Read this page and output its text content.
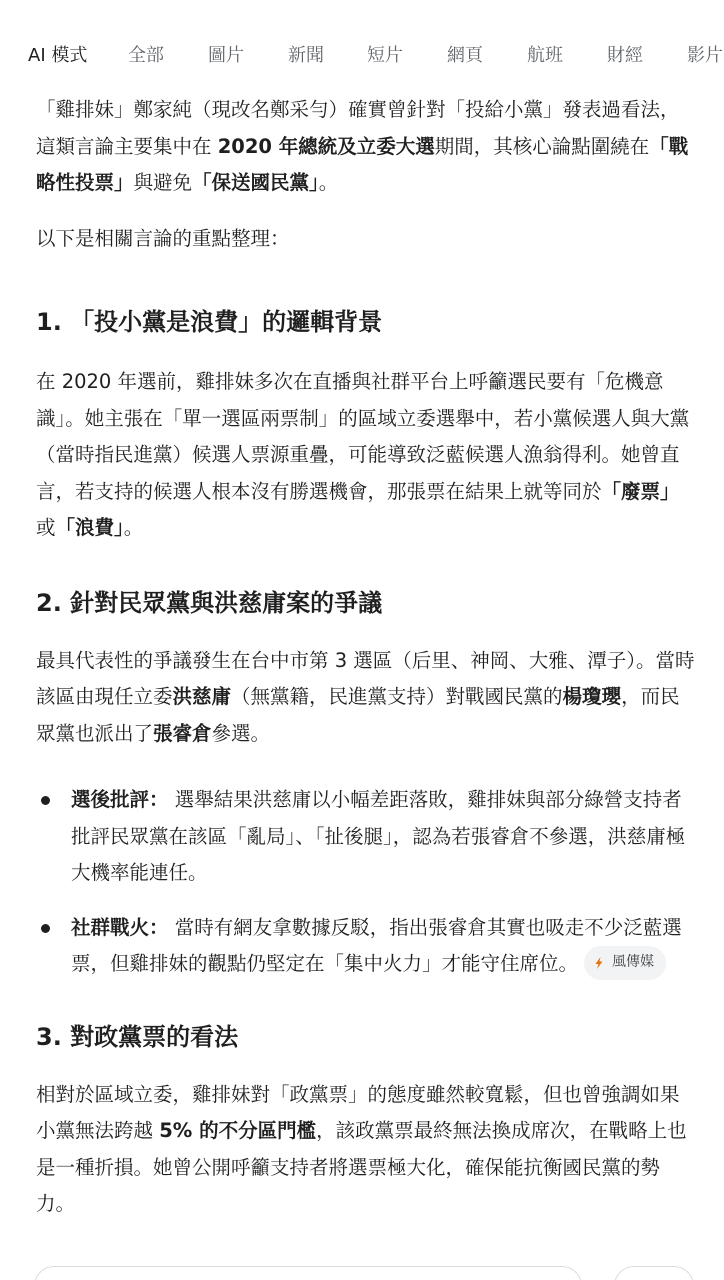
AI 模式 全部 圖片 新聞 短片 網頁 航班 財經 影片

「雞排妹」鄭家純（現改名鄭采勻）確實曾針對「投給小黨」發表過看法，這類言論主要集中在 2020 年總統及立委大選期間，其核心論點圍繞在「戰略性投票」與避免「保送國民黨」。

以下是相關言論的重點整理：

1. 「投小黨是浪費」的邏輯背景

在 2020 年選前，雞排妹多次在直播與社群平台上呼籲選民要有「危機意識」。她主張在「單一選區兩票制」的區域立委選舉中，若小黨候選人與大黨（當時指民進黨）候選人票源重疊，可能導致泛藍候選人漁翁得利。她曾直言，若支持的候選人根本沒有勝選機會，那張票在結果上就等同於「廢票」或「浪費」。

2. 針對民眾黨與洪慈庸案的爭議

最具代表性的爭議發生在台中市第 3 選區（后里、神岡、大雅、潭子）。當時該區由現任立委洪慈庸（無黨籍，民進黨支持）對戰國民黨的楊瓊瓔，而民眾黨也派出了張睿倉參選。

選後批評： 選舉結果洪慈庸以小幅差距落敗，雞排妹與部分綠營支持者批評民眾黨在該區「亂局」、「扯後腿」，認為若張睿倉不參選，洪慈庸極大機率能連任。
社群戰火： 當時有網友拿數據反駁，指出張睿倉其實也吸走不少泛藍選票，但雞排妹的觀點仍堅定在「集中火力」才能守住席位。 風傳媒
3. 對政黨票的看法

相對於區域立委，雞排妹對「政黨票」的態度雖然較寬鬆，但也曾強調如果小黨無法跨越 5% 的不分區門檻，該政黨票最終無法換成席次，在戰略上也是一種折損。她曾公開呼籲支持者將選票極大化，確保能抗衡國民黨的勢力。
